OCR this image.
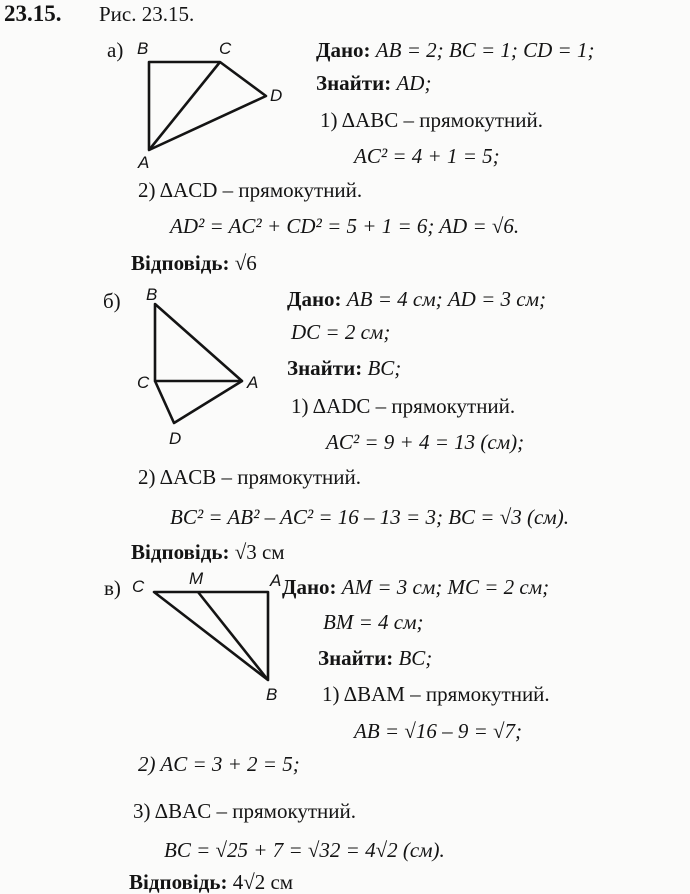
23.15. Рис. 23.15.
а) B	C
D
A
Дано: AB = 2; BC = 1; CD = 1;
Знайти: AD;
1) ΔABC – прямокутний.
AC² = 4 + 1 = 5;
2) ΔACD – прямокутний.
AD² = AC² + CD² = 5 + 1 = 6; AD = √6.
Відповідь: √6
б) B
C	A
D
Дано: AB = 4 см; AD = 3 см;
DC = 2 см;
Знайти: BC;
1) ΔADC – прямокутний.
AC² = 9 + 4 = 13 (см);
2) ΔACB – прямокутний.
BC² = AB² – AC² = 16 – 13 = 3; BC = √3 (см).
Відповідь: √3 см
в) C	M	A
B
Дано: AM = 3 см; MC = 2 см;
BM = 4 см;
Знайти: BC;
1) ΔBAM – прямокутний.
AB = √16 – 9 = √7;
2) AC = 3 + 2 = 5;
3) ΔBAC – прямокутний.
BC = √25 + 7 = √32 = 4√2 (см).
Відповідь: 4√2 см
